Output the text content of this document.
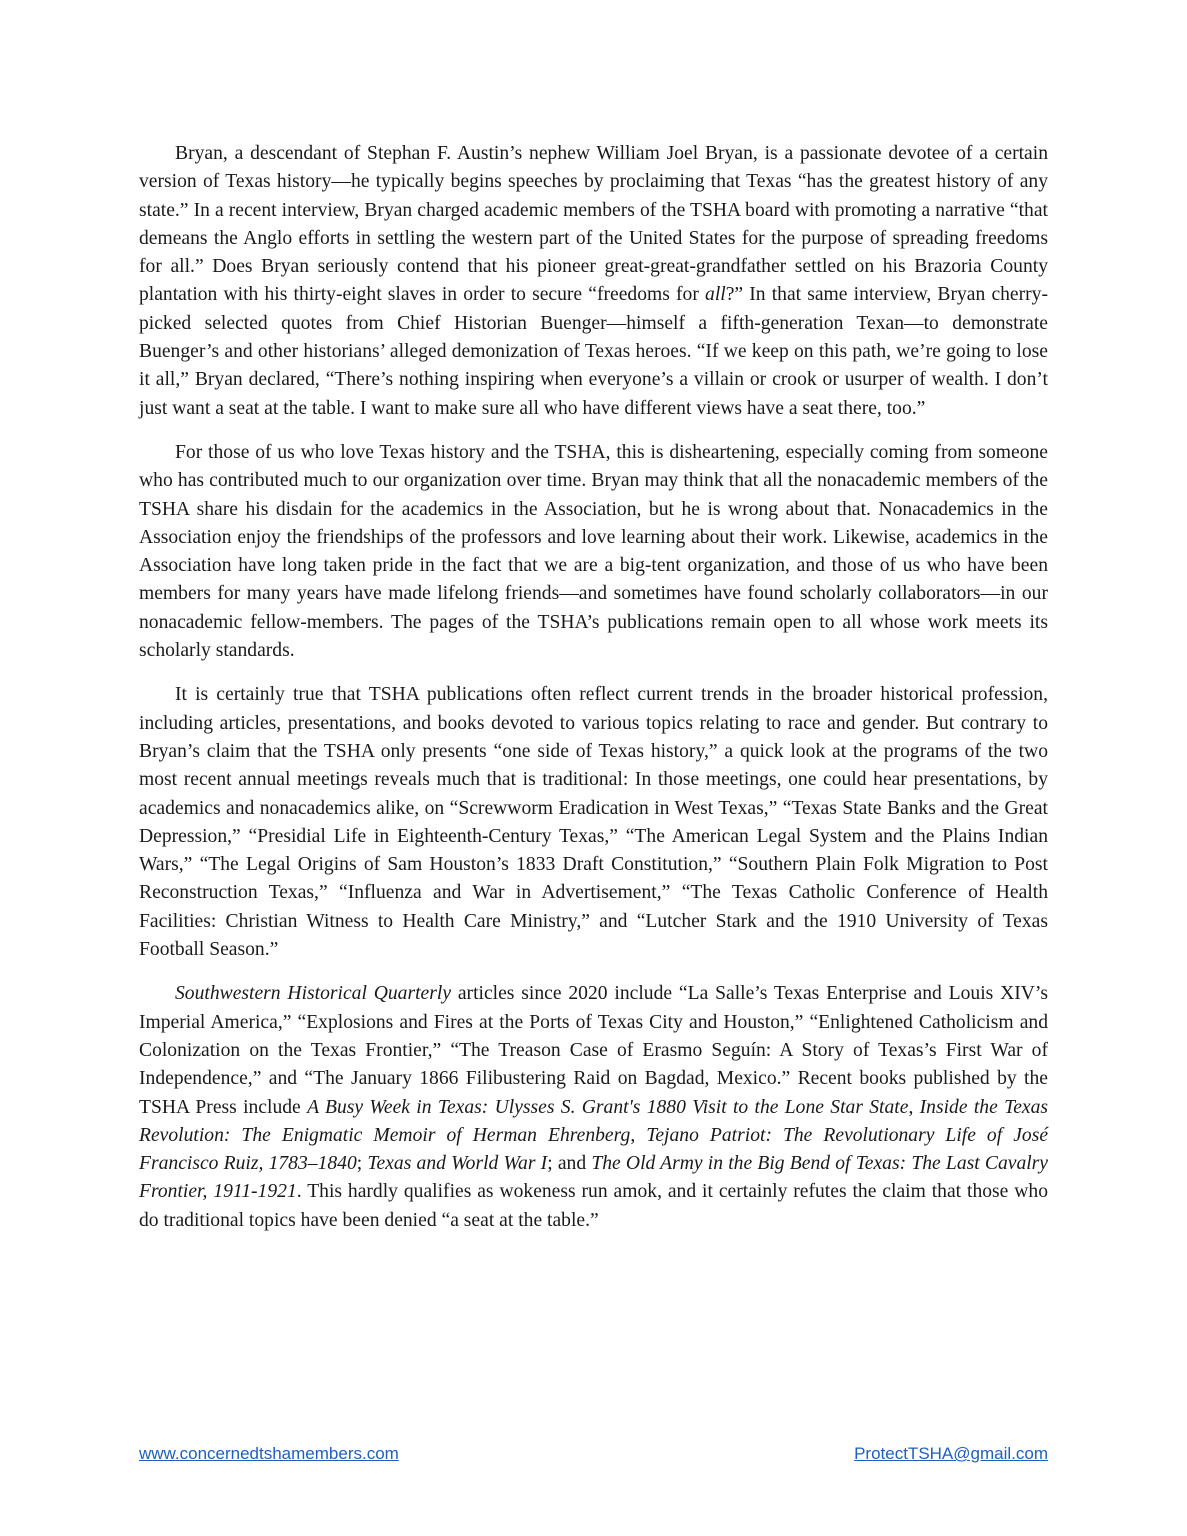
Bryan, a descendant of Stephan F. Austin’s nephew William Joel Bryan, is a passionate devotee of a certain version of Texas history—he typically begins speeches by proclaiming that Texas “has the greatest history of any state.” In a recent interview, Bryan charged academic members of the TSHA board with promoting a narrative “that demeans the Anglo efforts in settling the western part of the United States for the purpose of spreading freedoms for all.” Does Bryan seriously contend that his pioneer great-great-grandfather settled on his Brazoria County plantation with his thirty-eight slaves in order to secure “freedoms for all?” In that same interview, Bryan cherry-picked selected quotes from Chief Historian Buenger—himself a fifth-generation Texan—to demonstrate Buenger’s and other historians’ alleged demonization of Texas heroes. “If we keep on this path, we’re going to lose it all,” Bryan declared, “There’s nothing inspiring when everyone’s a villain or crook or usurper of wealth. I don’t just want a seat at the table. I want to make sure all who have different views have a seat there, too.”

For those of us who love Texas history and the TSHA, this is disheartening, especially coming from someone who has contributed much to our organization over time. Bryan may think that all the nonacademic members of the TSHA share his disdain for the academics in the Association, but he is wrong about that. Nonacademics in the Association enjoy the friendships of the professors and love learning about their work. Likewise, academics in the Association have long taken pride in the fact that we are a big-tent organization, and those of us who have been members for many years have made lifelong friends—and sometimes have found scholarly collaborators—in our nonacademic fellow-members. The pages of the TSHA’s publications remain open to all whose work meets its scholarly standards.

It is certainly true that TSHA publications often reflect current trends in the broader historical profession, including articles, presentations, and books devoted to various topics relating to race and gender. But contrary to Bryan’s claim that the TSHA only presents “one side of Texas history,” a quick look at the programs of the two most recent annual meetings reveals much that is traditional: In those meetings, one could hear presentations, by academics and nonacademics alike, on “Screwworm Eradication in West Texas,” “Texas State Banks and the Great Depression,” “Presidial Life in Eighteenth-Century Texas,” “The American Legal System and the Plains Indian Wars,” “The Legal Origins of Sam Houston’s 1833 Draft Constitution,” “Southern Plain Folk Migration to Post Reconstruction Texas,” “Influenza and War in Advertisement,” “The Texas Catholic Conference of Health Facilities: Christian Witness to Health Care Ministry,” and “Lutcher Stark and the 1910 University of Texas Football Season.”

Southwestern Historical Quarterly articles since 2020 include “La Salle’s Texas Enterprise and Louis XIV’s Imperial America,” “Explosions and Fires at the Ports of Texas City and Houston,” “Enlightened Catholicism and Colonization on the Texas Frontier,” “The Treason Case of Erasmo Seguín: A Story of Texas’s First War of Independence,” and “The January 1866 Filibustering Raid on Bagdad, Mexico.” Recent books published by the TSHA Press include A Busy Week in Texas: Ulysses S. Grant's 1880 Visit to the Lone Star State, Inside the Texas Revolution: The Enigmatic Memoir of Herman Ehrenberg, Tejano Patriot: The Revolutionary Life of José Francisco Ruiz, 1783–1840; Texas and World War I; and The Old Army in the Big Bend of Texas: The Last Cavalry Frontier, 1911-1921. This hardly qualifies as wokeness run amok, and it certainly refutes the claim that those who do traditional topics have been denied “a seat at the table.”

www.concernedtshamembers.com	ProtectTSHA@gmail.com
